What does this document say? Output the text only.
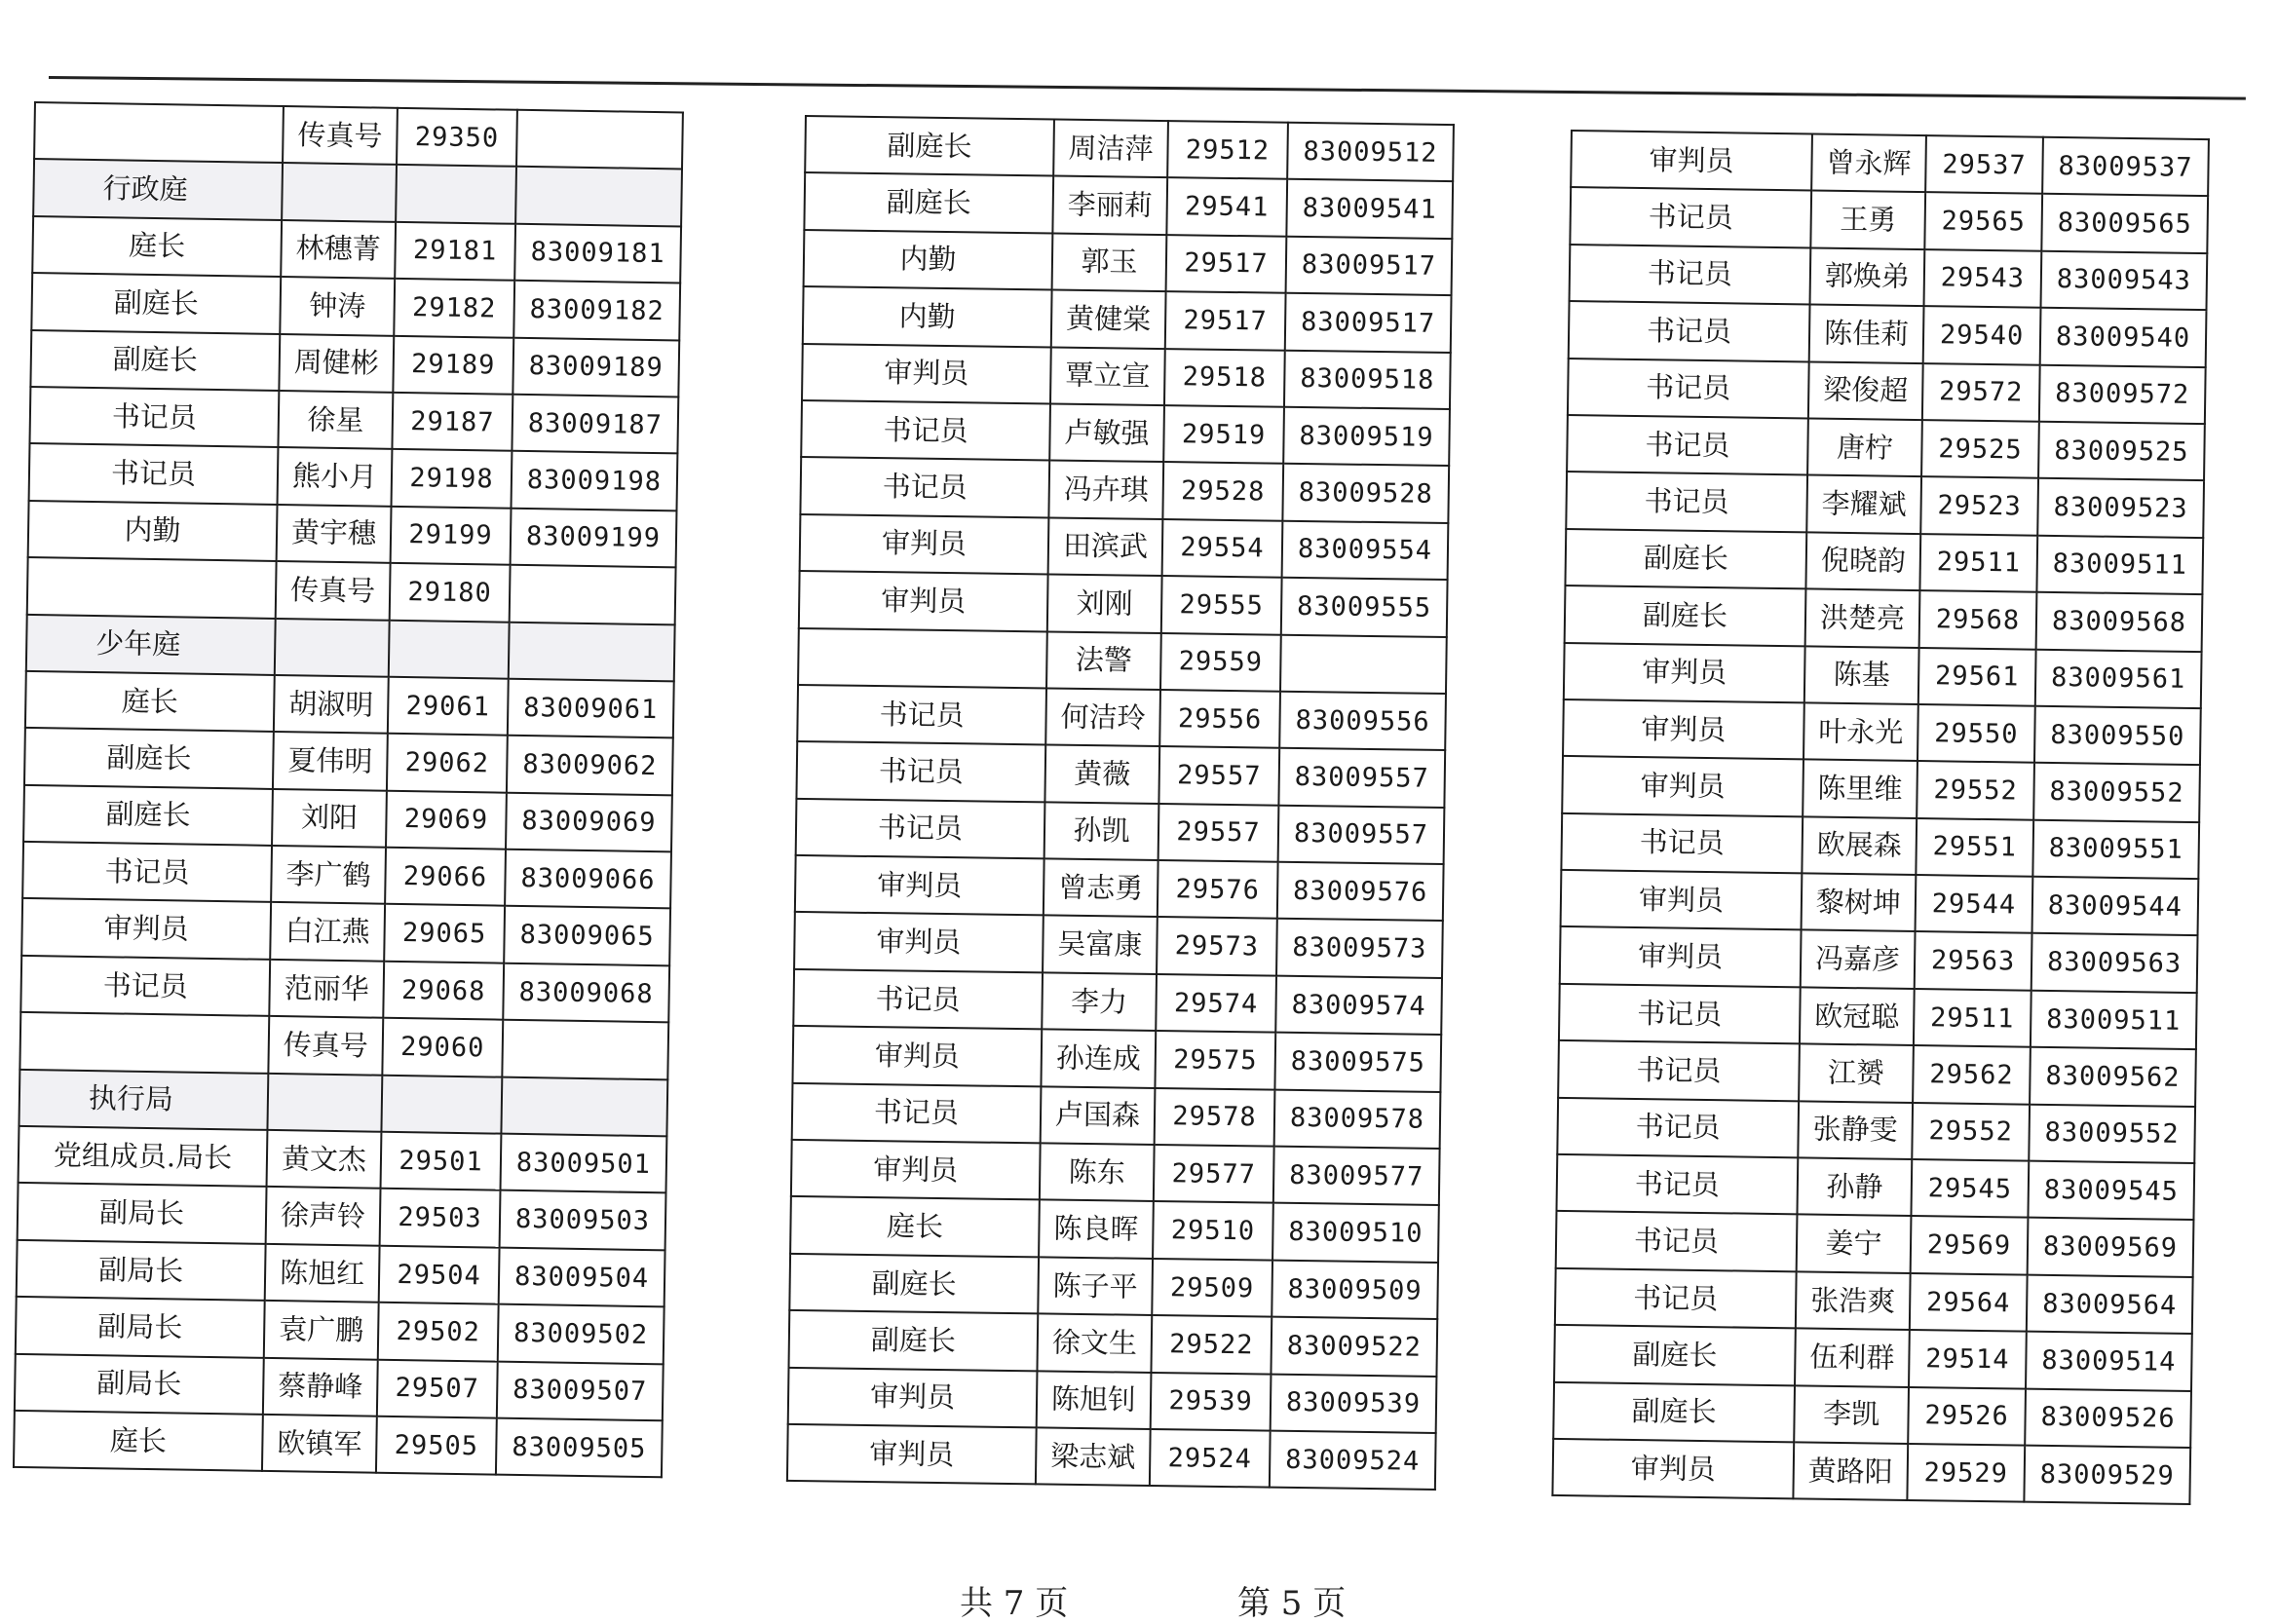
	传真号	29350	
行政庭			
庭长	林穗菁	29181	83009181
副庭长	钟涛	29182	83009182
副庭长	周健彬	29189	83009189
书记员	徐星	29187	83009187
书记员	熊小月	29198	83009198
内勤	黄宇穗	29199	83009199
	传真号	29180	
少年庭			
庭长	胡淑明	29061	83009061
副庭长	夏伟明	29062	83009062
副庭长	刘阳	29069	83009069
书记员	李广鹤	29066	83009066
审判员	白江燕	29065	83009065
书记员	范丽华	29068	83009068
	传真号	29060	
执行局			
党组成员.局长	黄文杰	29501	83009501
副局长	徐声铃	29503	83009503
副局长	陈旭红	29504	83009504
副局长	袁广鹏	29502	83009502
副局长	蔡静峰	29507	83009507
庭长	欧镇军	29505	83009505
副庭长	周洁萍	29512	83009512
副庭长	李丽莉	29541	83009541
内勤	郭玉	29517	83009517
内勤	黄健棠	29517	83009517
审判员	覃立宣	29518	83009518
书记员	卢敏强	29519	83009519
书记员	冯卉琪	29528	83009528
审判员	田滨武	29554	83009554
审判员	刘刚	29555	83009555
	法警	29559	
书记员	何洁玲	29556	83009556
书记员	黄薇	29557	83009557
书记员	孙凯	29557	83009557
审判员	曾志勇	29576	83009576
审判员	吴富康	29573	83009573
书记员	李力	29574	83009574
审判员	孙连成	29575	83009575
书记员	卢国森	29578	83009578
审判员	陈东	29577	83009577
庭长	陈良晖	29510	83009510
副庭长	陈子平	29509	83009509
副庭长	徐文生	29522	83009522
审判员	陈旭钊	29539	83009539
审判员	梁志斌	29524	83009524
审判员	曾永辉	29537	83009537
书记员	王勇	29565	83009565
书记员	郭焕弟	29543	83009543
书记员	陈佳莉	29540	83009540
书记员	梁俊超	29572	83009572
书记员	唐柠	29525	83009525
书记员	李耀斌	29523	83009523
副庭长	倪晓韵	29511	83009511
副庭长	洪楚亮	29568	83009568
审判员	陈基	29561	83009561
审判员	叶永光	29550	83009550
审判员	陈里维	29552	83009552
书记员	欧展森	29551	83009551
审判员	黎树坤	29544	83009544
审判员	冯嘉彦	29563	83009563
书记员	欧冠聪	29511	83009511
书记员	江赟	29562	83009562
书记员	张静雯	29552	83009552
书记员	孙静	29545	83009545
书记员	姜宁	29569	83009569
书记员	张浩爽	29564	83009564
副庭长	伍利群	29514	83009514
副庭长	李凯	29526	83009526
审判员	黄路阳	29529	83009529
共 7 页	第 5 页
